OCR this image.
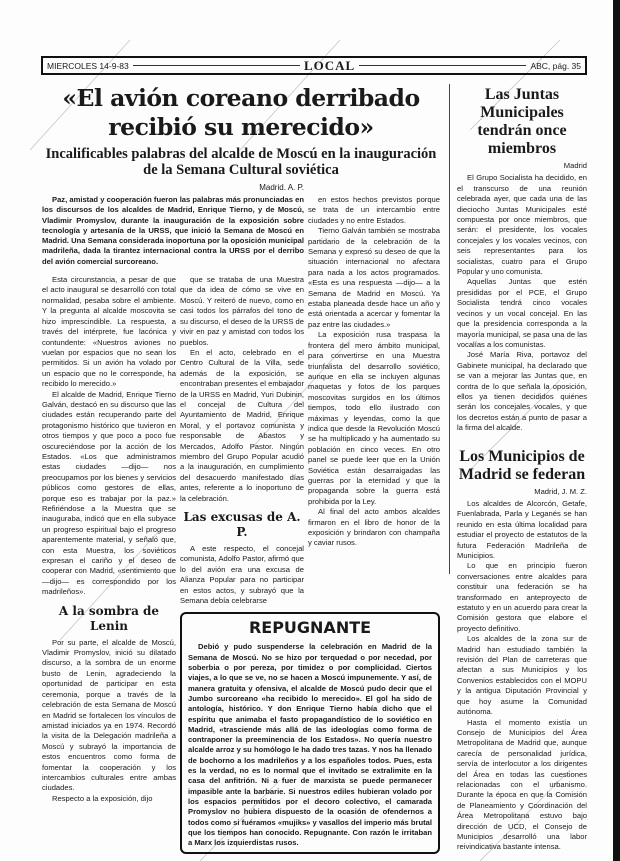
MIERCOLES 14-9-83	LOCAL	ABC, pág. 35
«El avión coreano derribado recibió su merecido»
Incalificables palabras del alcalde de Moscú en la inauguración de la Semana Cultural soviética
Madrid. A. P.
Paz, amistad y cooperación fueron las palabras más pronunciadas en los discursos de los alcaldes de Madrid, Enrique Tierno, y de Moscú, Vladimir Promyslov, durante la inauguración de la exposición sobre tecnología y artesanía de la URSS, que inició la Semana de Moscú en Madrid. Una Semana considerada inoportuna por la oposición municipal madrileña, dada la tirantez internacional contra la URSS por el derribo del avión comercial surcoreano.

Esta circunstancia, a pesar de que el acto inaugural se desarrolló con total normalidad, pesaba sobre el ambiente. Y la pregunta al alcalde moscovita se hizo imprescindible. La respuesta, a través del intérprete, fue lacónica y contundente: «Nuestros aviones no vuelan por espacios que no sean los permitidos. Si un avión ha volado por un espacio que no le corresponde, ha recibido lo merecido.»

El alcalde de Madrid, Enrique Tierno Galván, destacó en su discurso que las ciudades están recuperando parte del protagonismo histórico que tuvieron en otros tiempos y que poco a poco fue oscureciéndose por la acción de los Estados. «Los que administramos estas ciudades —dijo— nos preocupamos por los bienes y servicios públicos como gestores de ellas, porque eso es trabajar por la paz.» Refiriéndose a la Muestra que se inauguraba, indicó que en ella subyace un progreso espiritual bajo el progreso aparentemente material, y señaló que, con esta Muestra, los soviéticos expresan el cariño y el deseo de cooperar con Madrid, «sentimiento que —dijo— es correspondido por los madrileños».

A la sombra de Lenin

Por su parte, el alcalde de Moscú, Vladimir Promyslov, inició su dilatado discurso, a la sombra de un enorme busto de Lenin, agradeciendo la oportunidad de participar en esta ceremonia, porque a través de la celebración de esta Semana de Moscú en Madrid se fortalecen los vínculos de amistad iniciados ya en 1974. Recordó la visita de la Delegación madrileña a Moscú y subrayó la importancia de estos encuentros como forma de fomentar la cooperación y los intercambios culturales entre ambas ciudades.

Respecto a la exposición, dijo

que se trataba de una Muestra que da idea de cómo se vive en Moscú. Y reiteró de nuevo, como en casi todos los párrafos del tono de su discurso, el deseo de la URSS de vivir en paz y amistad con todos los pueblos.

En el acto, celebrado en el Centro Cultural de la Villa, sede además de la exposición, se encontraban presentes el embajador de la URSS en Madrid, Yuri Dubinin, el concejal de Cultura del Ayuntamiento de Madrid, Enrique Moral, y el portavoz comunista y responsable de Abastos y Mercados, Adolfo Pastor. Ningún miembro del Grupo Popular acudió a la inauguración, en cumplimiento del desacuerdo manifestado días antes, referente a lo inoportuno de la celebración.

Las excusas de A. P.

A este respecto, el concejal comunista, Adolfo Pastor, afirmó que lo del avión era una excusa de Alianza Popular para no participar en estos actos, y subrayó que la Semana debía celebrarse

en estos hechos previstos porque se trata de un intercambio entre ciudades y no entre Estados.

Tierno Galván también se mostraba partidario de la celebración de la Semana y expresó su deseo de que la situación internacional no afectara para nada a los actos programados. «Esta es una respuesta —dijo— a la Semana de Madrid en Moscú. Ya estaba planeada desde hace un año y está orientada a acercar y fomentar la paz entre las ciudades.»

La exposición rusa traspasa la frontera del mero ámbito municipal, para convertirse en una Muestra triunfalista del desarrollo soviético, aunque en ella se incluyen algunas maquetas y fotos de los parques moscovitas surgidos en los últimos tiempos, todo ello ilustrado con máximas y leyendas, como la que indica que desde la Revolución Moscú se ha multiplicado y ha aumentado su población en cinco veces. En otro panel se puede leer que en la Unión Soviética están desarraigadas las guerras por la eternidad y que la propaganda sobre la guerra está prohibida por la Ley.

Al final del acto ambos alcaldes firmaron en el libro de honor de la exposición y brindaron con champaña y caviar rusos.

REPUGNANTE

Debió y pudo suspenderse la celebración en Madrid de la Semana de Moscú. No se hizo por terquedad o por necedad, por soberbia o por pereza, por timidez o por complicidad. Ciertos viajes, a lo que se ve, no se hacen a Moscú impunemente. Y así, de manera gratuita y ofensiva, el alcalde de Moscú pudo decir que el Jumbo surcoreano «ha recibido lo merecido». El gol ha sido de antología, histórico. Y don Enrique Tierno había dicho que el espíritu que animaba el fasto propagandístico de lo soviético en Madrid, «trasciende más allá de las ideologías como forma de contraponer la preeminencia de los Estados». No quería nuestro alcalde arroz y su homólogo le ha dado tres tazas. Y nos ha llenado de bochorno a los madrileños y a los españoles todos. Pues, esta es la verdad, no es lo normal que el invitado se extralimite en la casa del anfitrión. Ni a fuer de marxista se puede permanecer impasible ante la barbarie. Si nuestros ediles hubieran volado por los espacios permitidos por el decoro colectivo, el camarada Promyslov no hubiera dispuesto de la ocasión de ofendernos a todos como si fuéramos «mujiks» y vasallos del imperio más brutal que los tiempos han conocido. Repugnante. Con razón le irritaban a Marx los izquierdistas rusos.

Las Juntas Municipales tendrán once miembros
Madrid

El Grupo Socialista ha decidido, en el transcurso de una reunión celebrada ayer, que cada una de las dieciocho Juntas Municipales esté compuesta por once miembros, que serán: el presidente, los vocales concejales y los vocales vecinos, con seis representantes para los socialistas, cuatro para el Grupo Popular y uno comunista.

Aquellas Juntas que estén presididas por el PCE, el Grupo Socialista tendrá cinco vocales vecinos y un vocal concejal. En las que la presidencia corresponda a la mayoría municipal, se pasa una de las vocalías a los comunistas.

José María Riva, portavoz del Gabinete municipal, ha declarado que se van a mejorar las Juntas que, en contra de lo que señala la oposición, ellos ya tienen decididos quiénes serán los concejales vocales, y que los decretos están a punto de pasar a la firma del alcalde.

Los Municipios de Madrid se federan
Madrid, J. M. Z.

Los alcaldes de Alcorcón, Getafe, Fuenlabrada, Parla y Leganés se han reunido en esta última localidad para estudiar el proyecto de estatutos de la futura Federación Madrileña de Municipios.

Lo que en principio fueron conversaciones entre alcaldes para constituir una federación se ha transformado en anteproyecto de estatuto y en un acuerdo para crear la Comisión gestora que elabore el proyecto definitivo.

Los alcaldes de la zona sur de Madrid han estudiado también la revisión del Plan de carreteras que afectan a sus Municipios y los Convenios establecidos con el MOPU y la antigua Diputación Provincial y que hoy asume la Comunidad autónoma.

Hasta el momento existía un Consejo de Municipios del Área Metropolitana de Madrid que, aunque carecía de personalidad jurídica, servía de interlocutor a los dirigentes del Área en todas las cuestiones relacionadas con el urbanismo. Durante la época en que la Comisión de Planeamiento y Coordinación del Área Metropolitana estuvo bajo dirección de UCD, el Consejo de Municipios desarrolló una labor reivindicativa bastante intensa.
